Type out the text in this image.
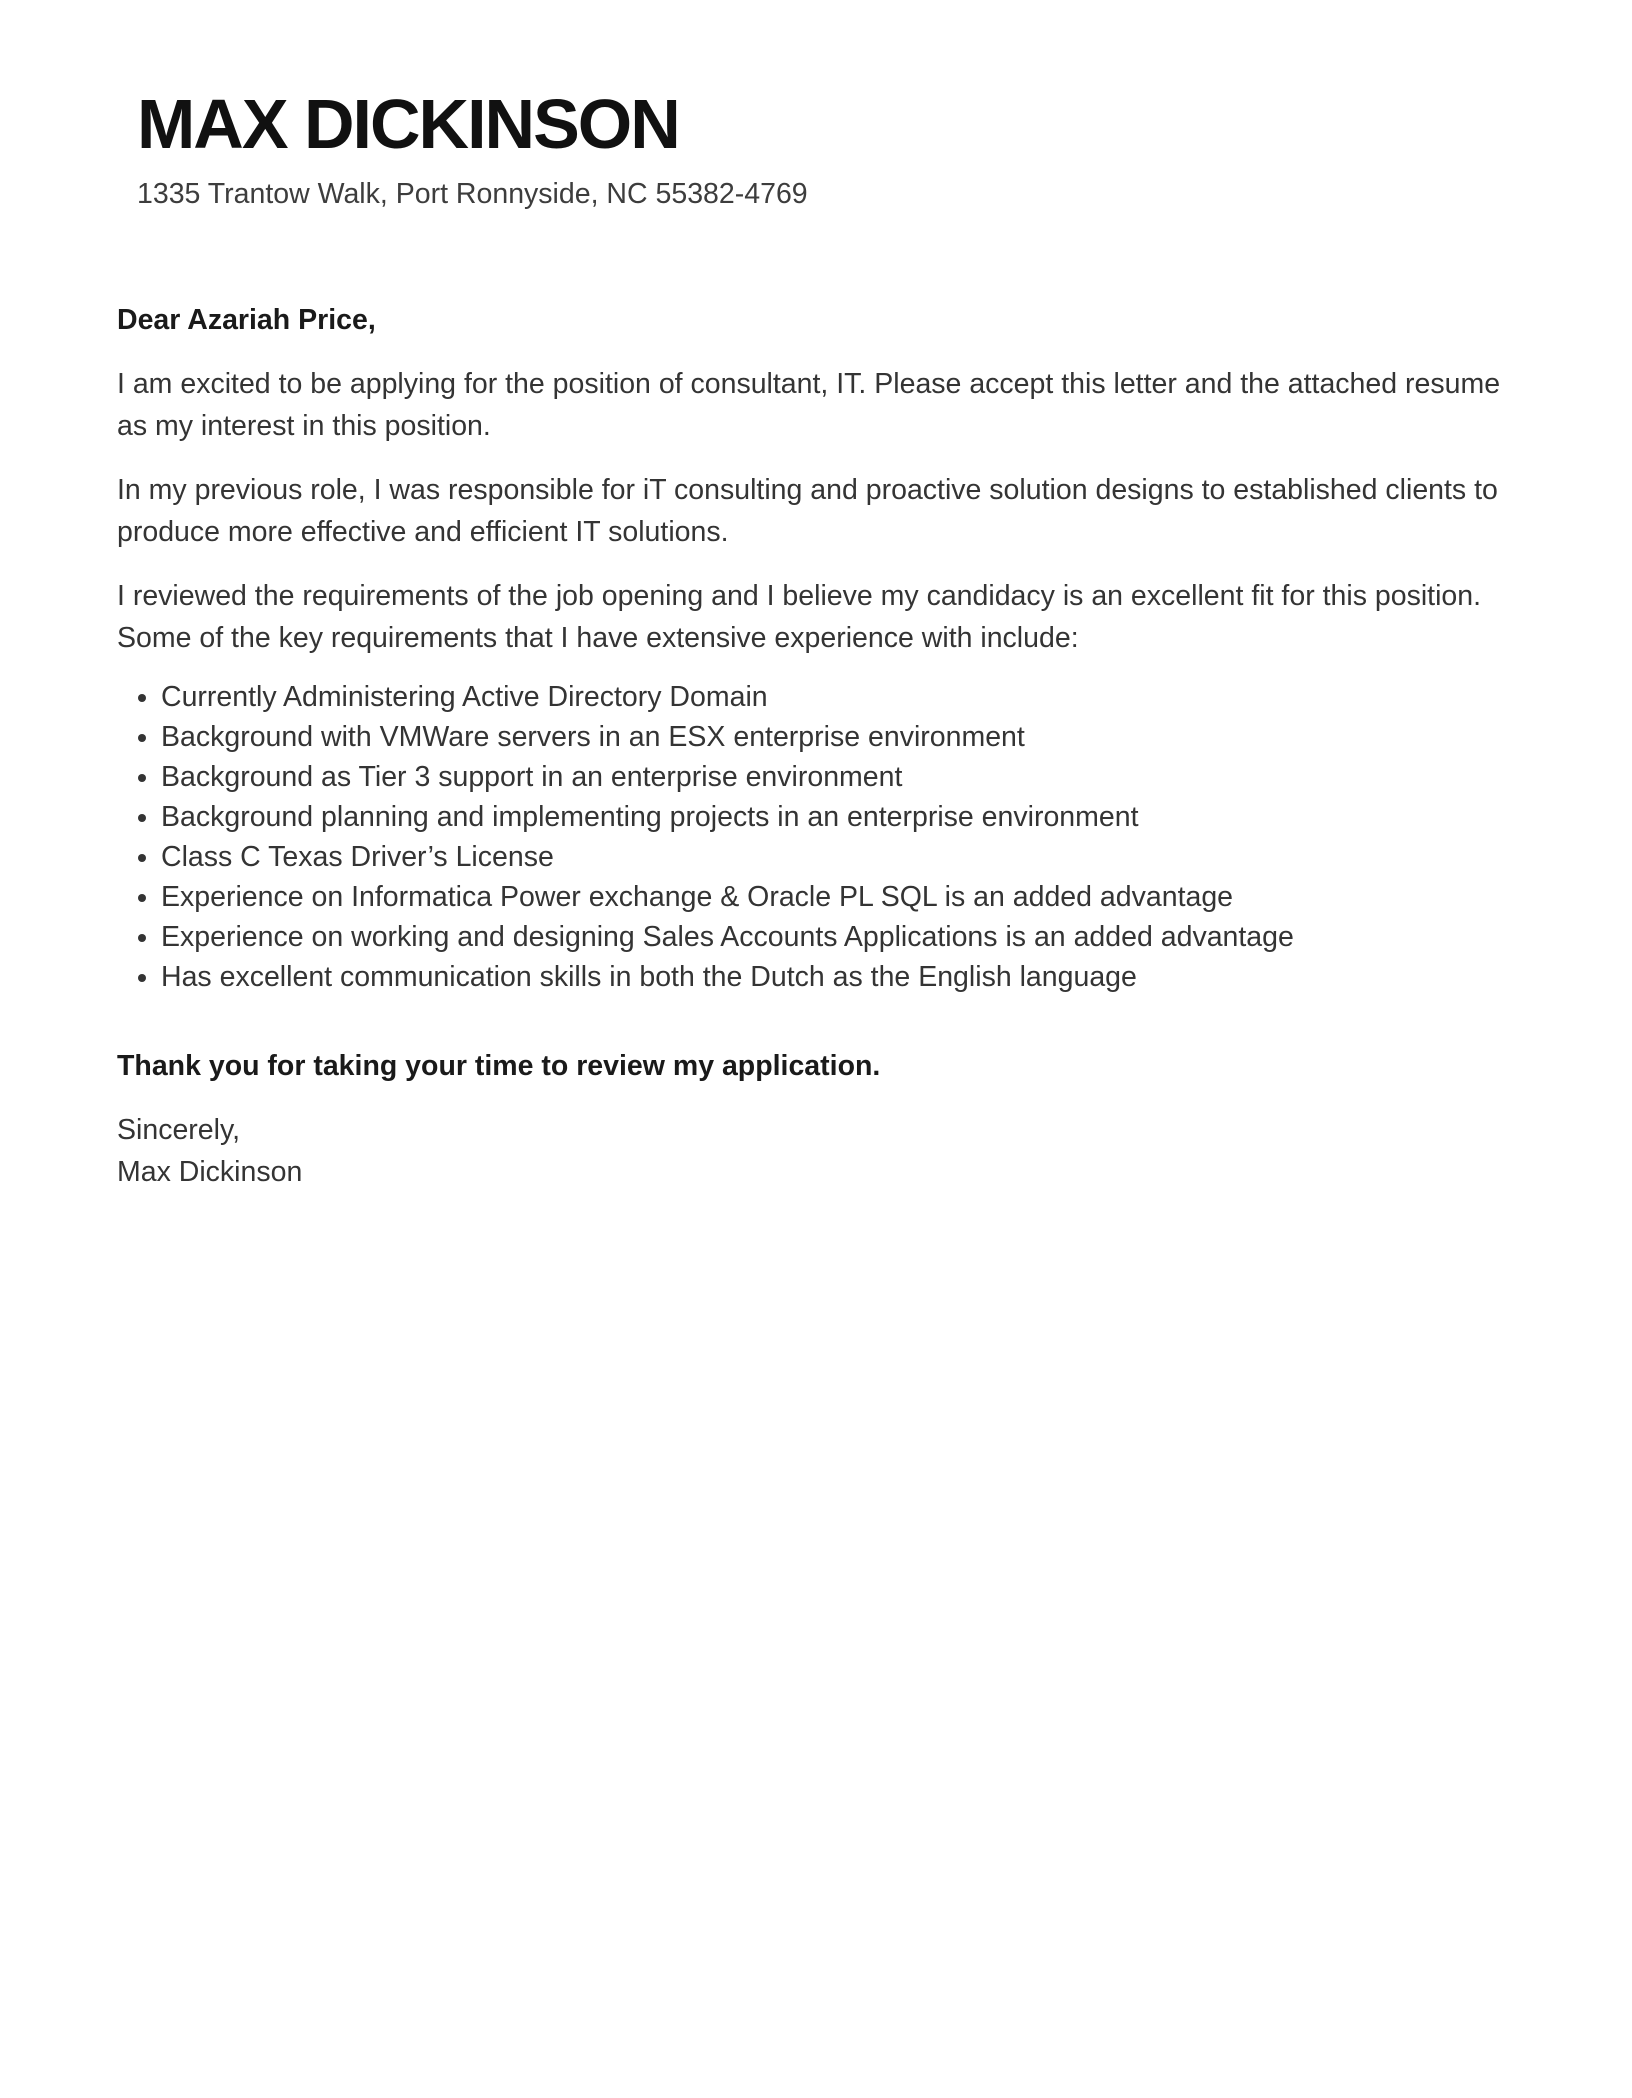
MAX DICKINSON
1335 Trantow Walk, Port Ronnyside, NC 55382-4769

Dear Azariah Price,

I am excited to be applying for the position of consultant, IT. Please accept this letter and the attached resume as my interest in this position.

In my previous role, I was responsible for iT consulting and proactive solution designs to established clients to produce more effective and efficient IT solutions.

I reviewed the requirements of the job opening and I believe my candidacy is an excellent fit for this position. Some of the key requirements that I have extensive experience with include:

• Currently Administering Active Directory Domain
• Background with VMWare servers in an ESX enterprise environment
• Background as Tier 3 support in an enterprise environment
• Background planning and implementing projects in an enterprise environment
• Class C Texas Driver’s License
• Experience on Informatica Power exchange & Oracle PL SQL is an added advantage
• Experience on working and designing Sales Accounts Applications is an added advantage
• Has excellent communication skills in both the Dutch as the English language

Thank you for taking your time to review my application.

Sincerely,
Max Dickinson
